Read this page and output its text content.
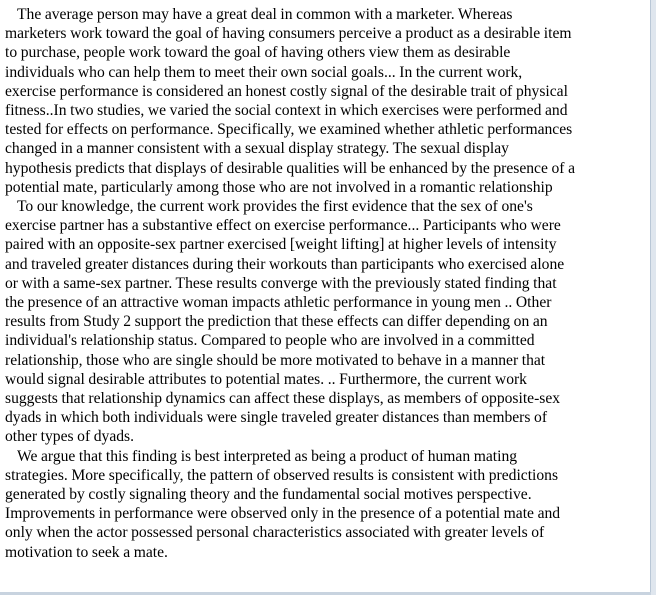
The average person may have a great deal in common with a marketer. Whereas
marketers work toward the goal of having consumers perceive a product as a desirable item
to purchase, people work toward the goal of having others view them as desirable
individuals who can help them to meet their own social goals... In the current work,
exercise performance is considered an honest costly signal of the desirable trait of physical
fitness..In two studies, we varied the social context in which exercises were performed and
tested for effects on performance. Specifically, we examined whether athletic performances
changed in a manner consistent with a sexual display strategy. The sexual display
hypothesis predicts that displays of desirable qualities will be enhanced by the presence of a
potential mate, particularly among those who are not involved in a romantic relationship

To our knowledge, the current work provides the first evidence that the sex of one's
exercise partner has a substantive effect on exercise performance... Participants who were
paired with an opposite-sex partner exercised [weight lifting] at higher levels of intensity
and traveled greater distances during their workouts than participants who exercised alone
or with a same-sex partner. These results converge with the previously stated finding that
the presence of an attractive woman impacts athletic performance in young men .. Other
results from Study 2 support the prediction that these effects can differ depending on an
individual's relationship status. Compared to people who are involved in a committed
relationship, those who are single should be more motivated to behave in a manner that
would signal desirable attributes to potential mates. .. Furthermore, the current work
suggests that relationship dynamics can affect these displays, as members of opposite-sex
dyads in which both individuals were single traveled greater distances than members of
other types of dyads.

We argue that this finding is best interpreted as being a product of human mating
strategies. More specifically, the pattern of observed results is consistent with predictions
generated by costly signaling theory and the fundamental social motives perspective.
Improvements in performance were observed only in the presence of a potential mate and
only when the actor possessed personal characteristics associated with greater levels of
motivation to seek a mate.
